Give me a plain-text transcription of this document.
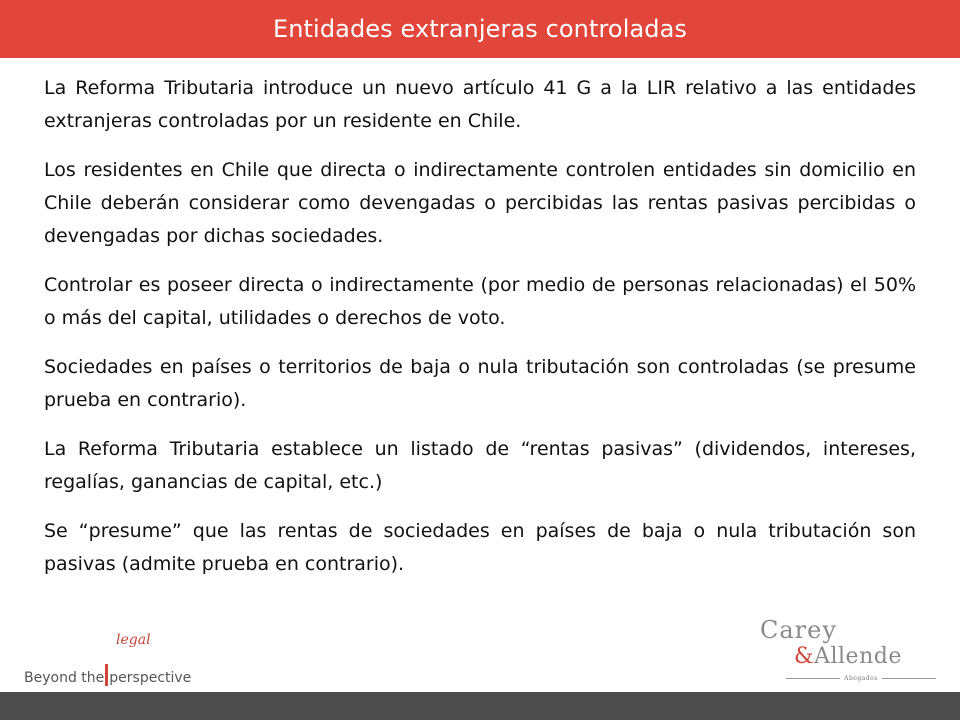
Entidades extranjeras controladas

La Reforma Tributaria introduce un nuevo artículo 41 G a la LIR relativo a las entidades extranjeras controladas por un residente en Chile.

Los residentes en Chile que directa o indirectamente controlen entidades sin domicilio en Chile deberán considerar como devengadas o percibidas las rentas pasivas percibidas o devengadas por dichas sociedades.

Controlar es poseer directa o indirectamente (por medio de personas relacionadas) el 50% o más del capital, utilidades o derechos de voto.

Sociedades en países o territorios de baja o nula tributación son controladas (se presume prueba en contrario).

La Reforma Tributaria establece un listado de “rentas pasivas” (dividendos, intereses, regalías, ganancias de capital, etc.)

Se “presume” que las rentas de sociedades en países de baja o nula tributación son pasivas (admite prueba en contrario).

legal
Beyond the perspective
Carey
&Allende
Abogados
